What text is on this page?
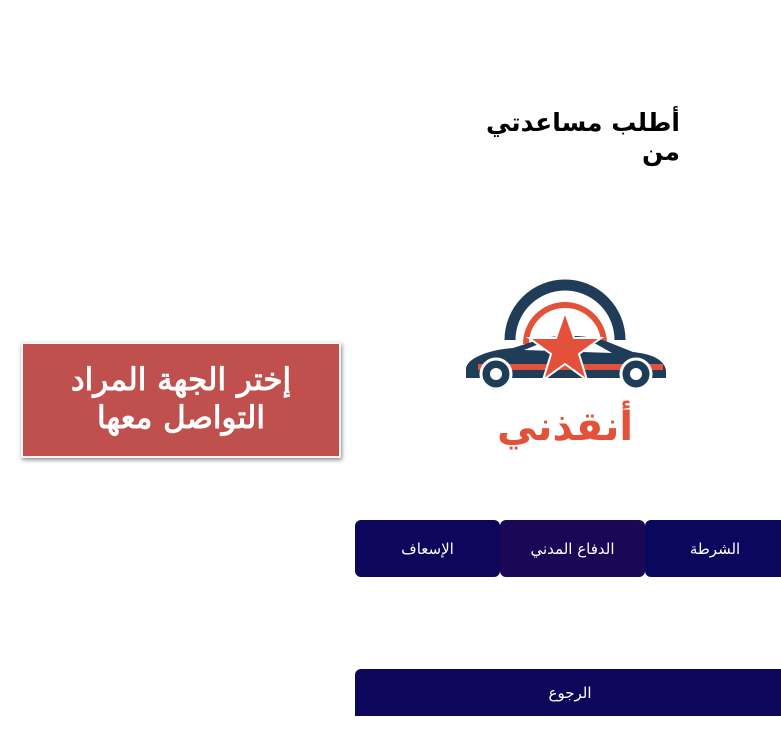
أطلب مساعدتي من
إختر الجهة المراد
التواصل معها	أنقذني
الإسعاف	الدفاع المدني	الشرطة
الرجوع
